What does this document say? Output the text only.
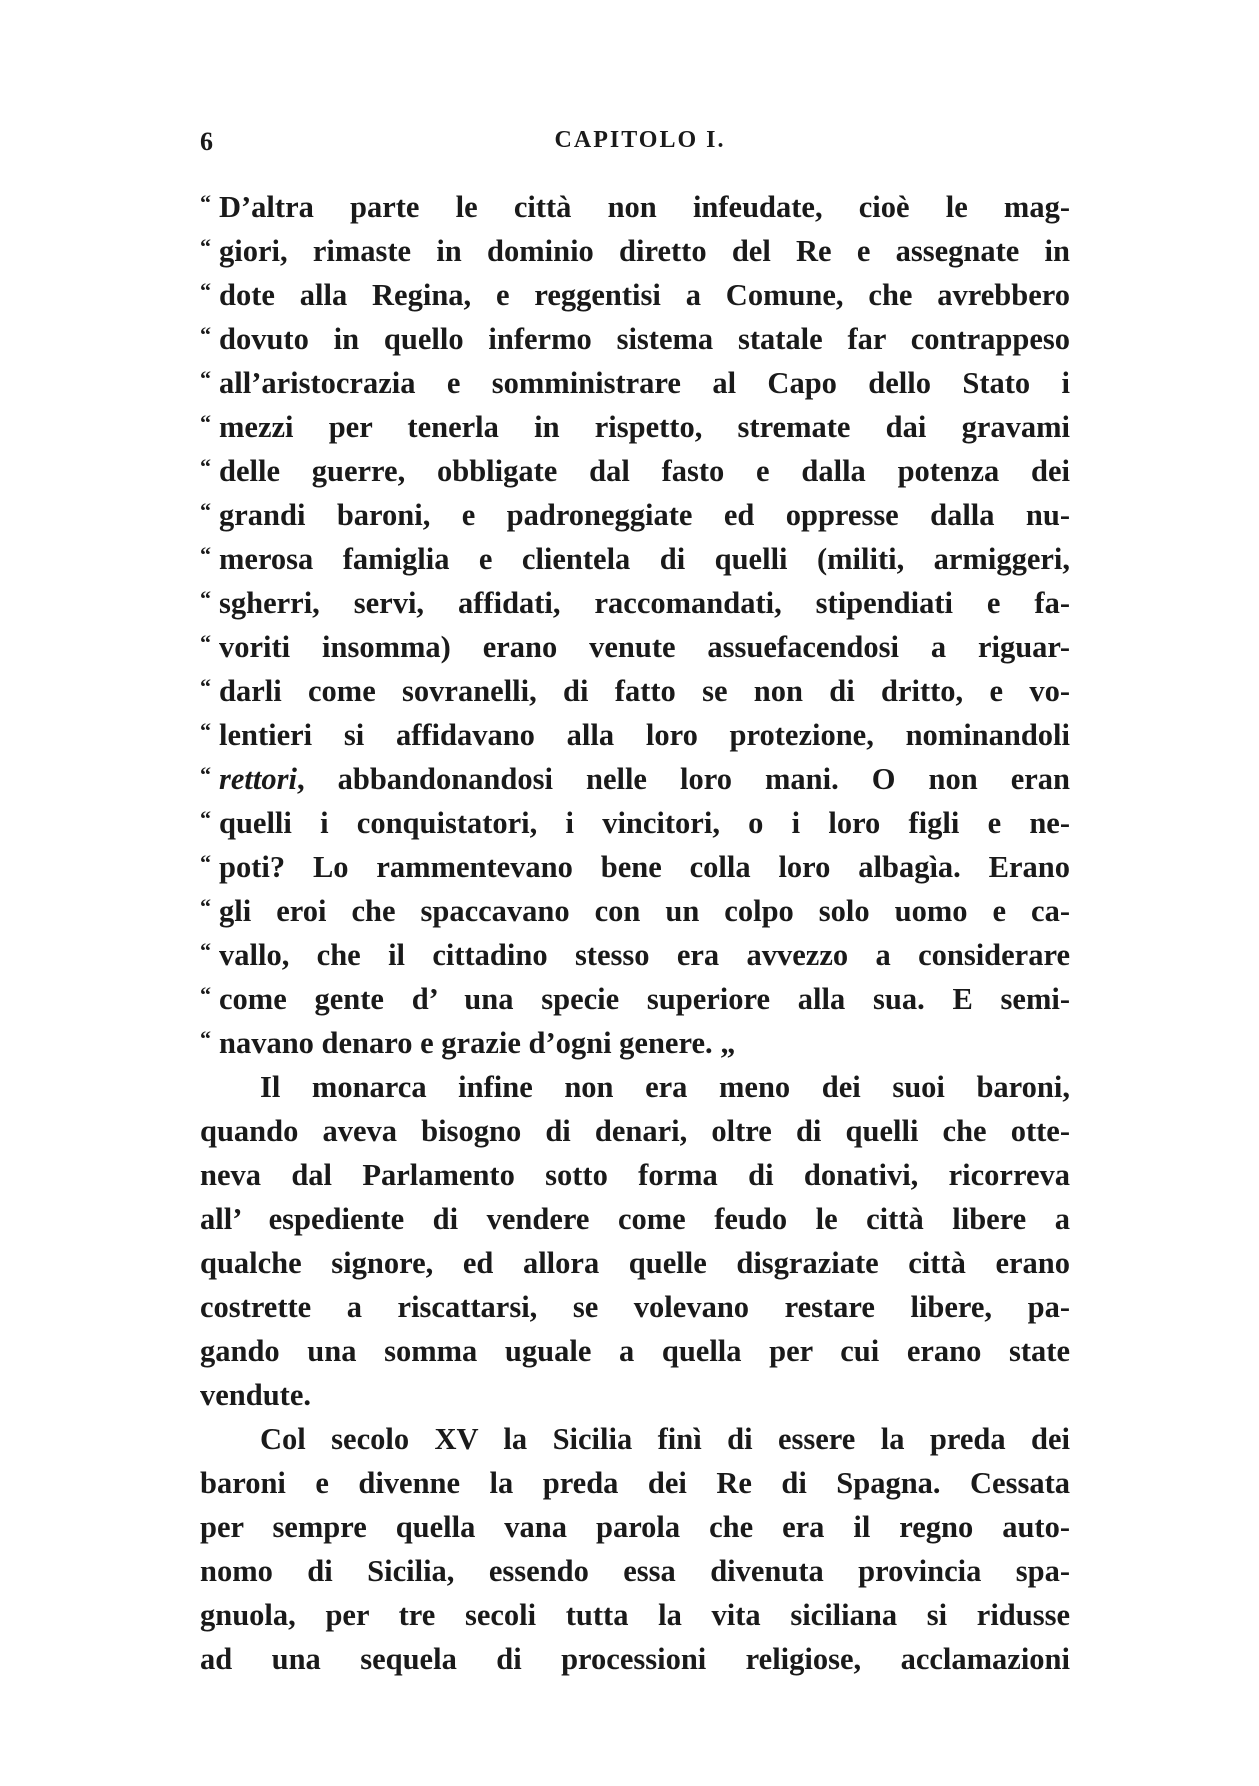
6	CAPITOLO I.
“ D’altra parte le città non infeudate, cioè le mag-
“ giori, rimaste in dominio diretto del Re e assegnate in
“ dote alla Regina, e reggentisi a Comune, che avrebbero
“ dovuto in quello infermo sistema statale far contrappeso
“ all’aristocrazia e somministrare al Capo dello Stato i
“ mezzi per tenerla in rispetto, stremate dai gravami
“ delle guerre, obbligate dal fasto e dalla potenza dei
“ grandi baroni, e padroneggiate ed oppresse dalla nu-
“ merosa famiglia e clientela di quelli (militi, armiggeri,
“ sgherri, servi, affidati, raccomandati, stipendiati e fa-
“ voriti insomma) erano venute assuefacendosi a riguar-
“ darli come sovranelli, di fatto se non di dritto, e vo-
“ lentieri si affidavano alla loro protezione, nominandoli
“ rettori, abbandonandosi nelle loro mani. O non eran
“ quelli i conquistatori, i vincitori, o i loro figli e ne-
“ poti? Lo rammentevano bene colla loro albagìa. Erano
“ gli eroi che spaccavano con un colpo solo uomo e ca-
“ vallo, che il cittadino stesso era avvezzo a considerare
“ come gente d’ una specie superiore alla sua. E semi-
“ navano denaro e grazie d’ogni genere. „
Il monarca infine non era meno dei suoi baroni,
quando aveva bisogno di denari, oltre di quelli che otte-
neva dal Parlamento sotto forma di donativi, ricorreva
all’ espediente di vendere come feudo le città libere a
qualche signore, ed allora quelle disgraziate città erano
costrette a riscattarsi, se volevano restare libere, pa-
gando una somma uguale a quella per cui erano state
vendute.
Col secolo XV la Sicilia finì di essere la preda dei
baroni e divenne la preda dei Re di Spagna. Cessata
per sempre quella vana parola che era il regno auto-
nomo di Sicilia, essendo essa divenuta provincia spa-
gnuola, per tre secoli tutta la vita siciliana si ridusse
ad una sequela di processioni religiose, acclamazioni
